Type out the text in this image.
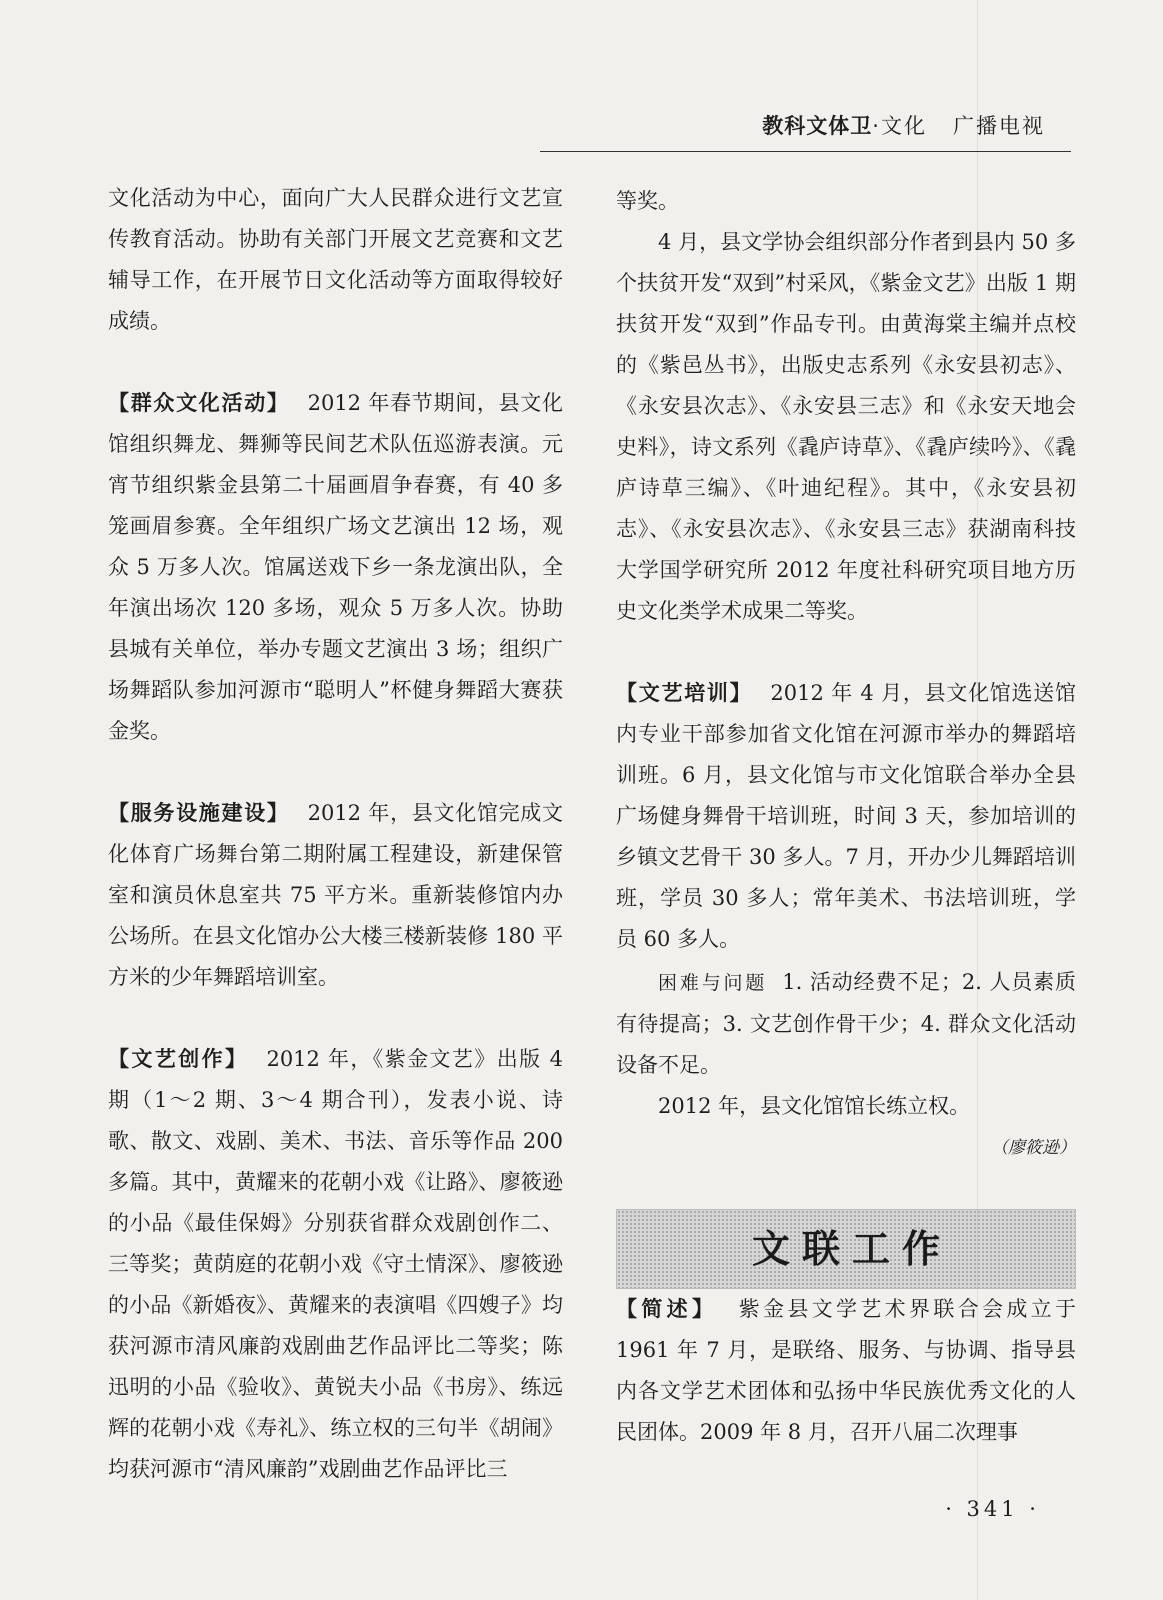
教科文体卫·文化 广播电视

文化活动为中心，面向广大人民群众进行文艺宣传教育活动。协助有关部门开展文艺竞赛和文艺辅导工作，在开展节日文化活动等方面取得较好成绩。

【群众文化活动】 2012 年春节期间，县文化馆组织舞龙、舞狮等民间艺术队伍巡游表演。元宵节组织紫金县第二十届画眉争春赛，有 40 多笼画眉参赛。全年组织广场文艺演出 12 场，观众 5 万多人次。馆属送戏下乡一条龙演出队，全年演出场次 120 多场，观众 5 万多人次。协助县城有关单位，举办专题文艺演出 3 场；组织广场舞蹈队参加河源市“聪明人”杯健身舞蹈大赛获金奖。

【服务设施建设】 2012 年，县文化馆完成文化体育广场舞台第二期附属工程建设，新建保管室和演员休息室共 75 平方米。重新装修馆内办公场所。在县文化馆办公大楼三楼新装修 180 平方米的少年舞蹈培训室。

【文艺创作】 2012 年，《紫金文艺》出版 4 期（1～2 期、3～4 期合刊），发表小说、诗歌、散文、戏剧、美术、书法、音乐等作品 200 多篇。其中，黄耀来的花朝小戏《让路》、廖筱逊的小品《最佳保姆》分别获省群众戏剧创作二、三等奖；黄荫庭的花朝小戏《守土情深》、廖筱逊的小品《新婚夜》、黄耀来的表演唱《四嫂子》均获河源市清风廉韵戏剧曲艺作品评比二等奖；陈迅明的小品《验收》、黄锐夫小品《书房》、练远辉的花朝小戏《寿礼》、练立权的三句半《胡闹》均获河源市“清风廉韵”戏剧曲艺作品评比三

等奖。

4 月，县文学协会组织部分作者到县内 50 多个扶贫开发“双到”村采风，《紫金文艺》出版 1 期扶贫开发“双到”作品专刊。由黄海棠主编并点校的《紫邑丛书》，出版史志系列《永安县初志》、《永安县次志》、《永安县三志》和《永安天地会史料》，诗文系列《毳庐诗草》、《毳庐续吟》、《毳庐诗草三编》、《叶迪纪程》。其中，《永安县初志》、《永安县次志》、《永安县三志》获湖南科技大学国学研究所 2012 年度社科研究项目地方历史文化类学术成果二等奖。

【文艺培训】 2012 年 4 月，县文化馆选送馆内专业干部参加省文化馆在河源市举办的舞蹈培训班。6 月，县文化馆与市文化馆联合举办全县广场健身舞骨干培训班，时间 3 天，参加培训的乡镇文艺骨干 30 多人。7 月，开办少儿舞蹈培训班，学员 30 多人；常年美术、书法培训班，学员 60 多人。

困难与问题 1. 活动经费不足；2. 人员素质有待提高；3. 文艺创作骨干少；4. 群众文化活动设备不足。

2012 年，县文化馆馆长练立权。

（廖筱逊）
文联工作

【简述】 紫金县文学艺术界联合会成立于 1961 年 7 月，是联络、服务、与协调、指导县内各文学艺术团体和弘扬中华民族优秀文化的人民团体。2009 年 8 月，召开八届二次理事

· 341 ·
